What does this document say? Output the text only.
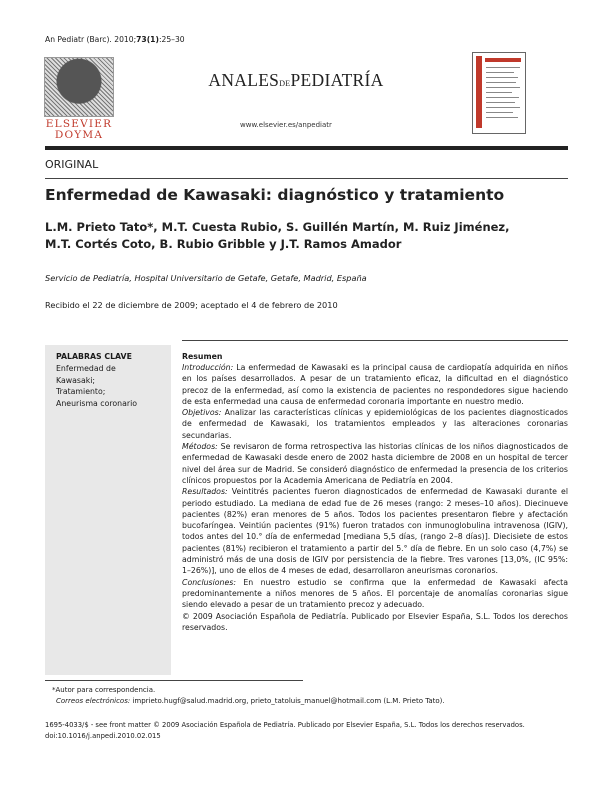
An Pediatr (Barc). 2010;73(1):25–30
ELSEVIER
DOYMA
ANALESDEPEDIATRÍA
www.elsevier.es/anpediatr
ORIGINAL
Enfermedad de Kawasaki: diagnóstico y tratamiento
L.M. Prieto Tato*, M.T. Cuesta Rubio, S. Guillén Martín, M. Ruiz Jiménez,
M.T. Cortés Coto, B. Rubio Gribble y J.T. Ramos Amador
Servicio de Pediatría, Hospital Universitario de Getafe, Getafe, Madrid, España
Recibido el 22 de diciembre de 2009; aceptado el 4 de febrero de 2010
PALABRAS CLAVE
Enfermedad de
Kawasaki;
Tratamiento;
Aneurisma coronario
Resumen

Introducción: La enfermedad de Kawasaki es la principal causa de cardiopatía adquirida en niños en los países desarrollados. A pesar de un tratamiento eficaz, la dificultad en el diagnóstico precoz de la enfermedad, así como la existencia de pacientes no respondedores sigue haciendo de esta enfermedad una causa de enfermedad coronaria importante en nuestro medio.

Objetivos: Analizar las características clínicas y epidemiológicas de los pacientes diagnosticados de enfermedad de Kawasaki, los tratamientos empleados y las alteraciones coronarias secundarias.

Métodos: Se revisaron de forma retrospectiva las historias clínicas de los niños diagnosticados de enfermedad de Kawasaki desde enero de 2002 hasta diciembre de 2008 en un hospital de tercer nivel del área sur de Madrid. Se consideró diagnóstico de enfermedad la presencia de los criterios clínicos propuestos por la Academia Americana de Pediatría en 2004.

Resultados: Veintitrés pacientes fueron diagnosticados de enfermedad de Kawasaki durante el periodo estudiado. La mediana de edad fue de 26 meses (rango: 2 meses–10 años). Diecinueve pacientes (82%) eran menores de 5 años. Todos los pacientes presentaron fiebre y afectación bucofaríngea. Veintiún pacientes (91%) fueron tratados con inmunoglobulina intravenosa (IGIV), todos antes del 10.° día de enfermedad [mediana 5,5 días, (rango 2–8 días)]. Diecisiete de estos pacientes (81%) recibieron el tratamiento a partir del 5.° día de fiebre. En un solo caso (4,7%) se administró más de una dosis de IGIV por persistencia de la fiebre. Tres varones [13,0%, (IC 95%: 1–26%)], uno de ellos de 4 meses de edad, desarrollaron aneurismas coronarios.

Conclusiones: En nuestro estudio se confirma que la enfermedad de Kawasaki afecta predominantemente a niños menores de 5 años. El porcentaje de anomalías coronarias sigue siendo elevado a pesar de un tratamiento precoz y adecuado.

© 2009 Asociación Española de Pediatría. Publicado por Elsevier España, S.L. Todos los derechos reservados.

*Autor para correspondencia.
Correos electrónicos: imprieto.hugf@salud.madrid.org, prieto_tatoluis_manuel@hotmail.com (L.M. Prieto Tato).
1695-4033/$ - see front matter © 2009 Asociación Española de Pediatría. Publicado por Elsevier España, S.L. Todos los derechos reservados.
doi:10.1016/j.anpedi.2010.02.015
